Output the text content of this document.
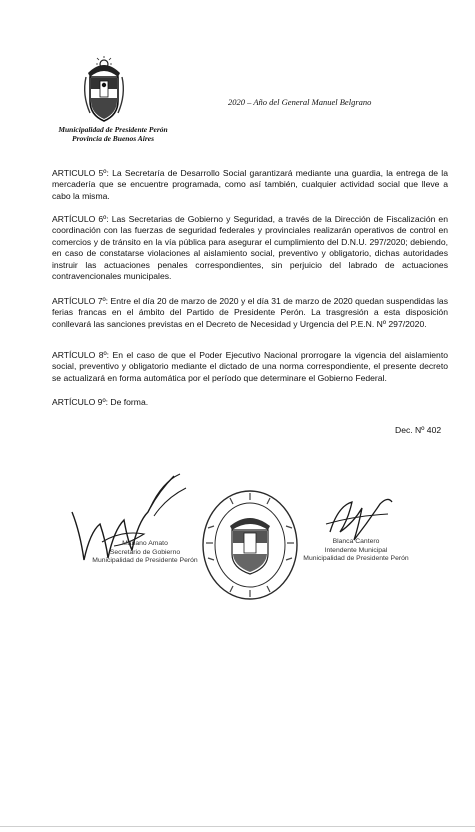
Municipalidad de Presidente Perón
Provincia de Buenos Aires
2020 – Año del General Manuel Belgrano
ARTICULO 5º: La Secretaría de Desarrollo Social garantizará mediante una guardia, la entrega de la mercadería que se encuentre programada, como así también, cualquier actividad social que lleve a cabo la misma.
ARTÍCULO 6º: Las Secretarias de Gobierno y Seguridad, a través de la Dirección de Fiscalización en coordinación con las fuerzas de seguridad federales y provinciales realizarán operativos de control en comercios y de tránsito en la vía pública para asegurar el cumplimiento del D.N.U. 297/2020; debiendo, en caso de constatarse violaciones al aislamiento social, preventivo y obligatorio, dichas autoridades instruir las actuaciones penales correspondientes, sin perjuicio del labrado de actuaciones contravencionales municipales.
ARTÍCULO 7º: Entre el día 20 de marzo de 2020 y el día 31 de marzo de 2020 quedan suspendidas las ferias francas en el ámbito del Partido de Presidente Perón. La trasgresión a esta disposición conllevará las sanciones previstas en el Decreto de Necesidad y Urgencia del P.E.N. Nº 297/2020.
ARTÍCULO 8º: En el caso de que el Poder Ejecutivo Nacional prorrogare la vigencia del aislamiento social, preventivo y obligatorio mediante el dictado de una norma correspondiente, el presente decreto se actualizará en forma automática por el período que determinare el Gobierno Federal.
ARTÍCULO 9º: De forma.
Dec. Nº 402
Mariano Amato
Secretario de Gobierno
Municipalidad de Presidente Perón
Blanca Cantero
Intendente Municipal
Municipalidad de Presidente Perón
